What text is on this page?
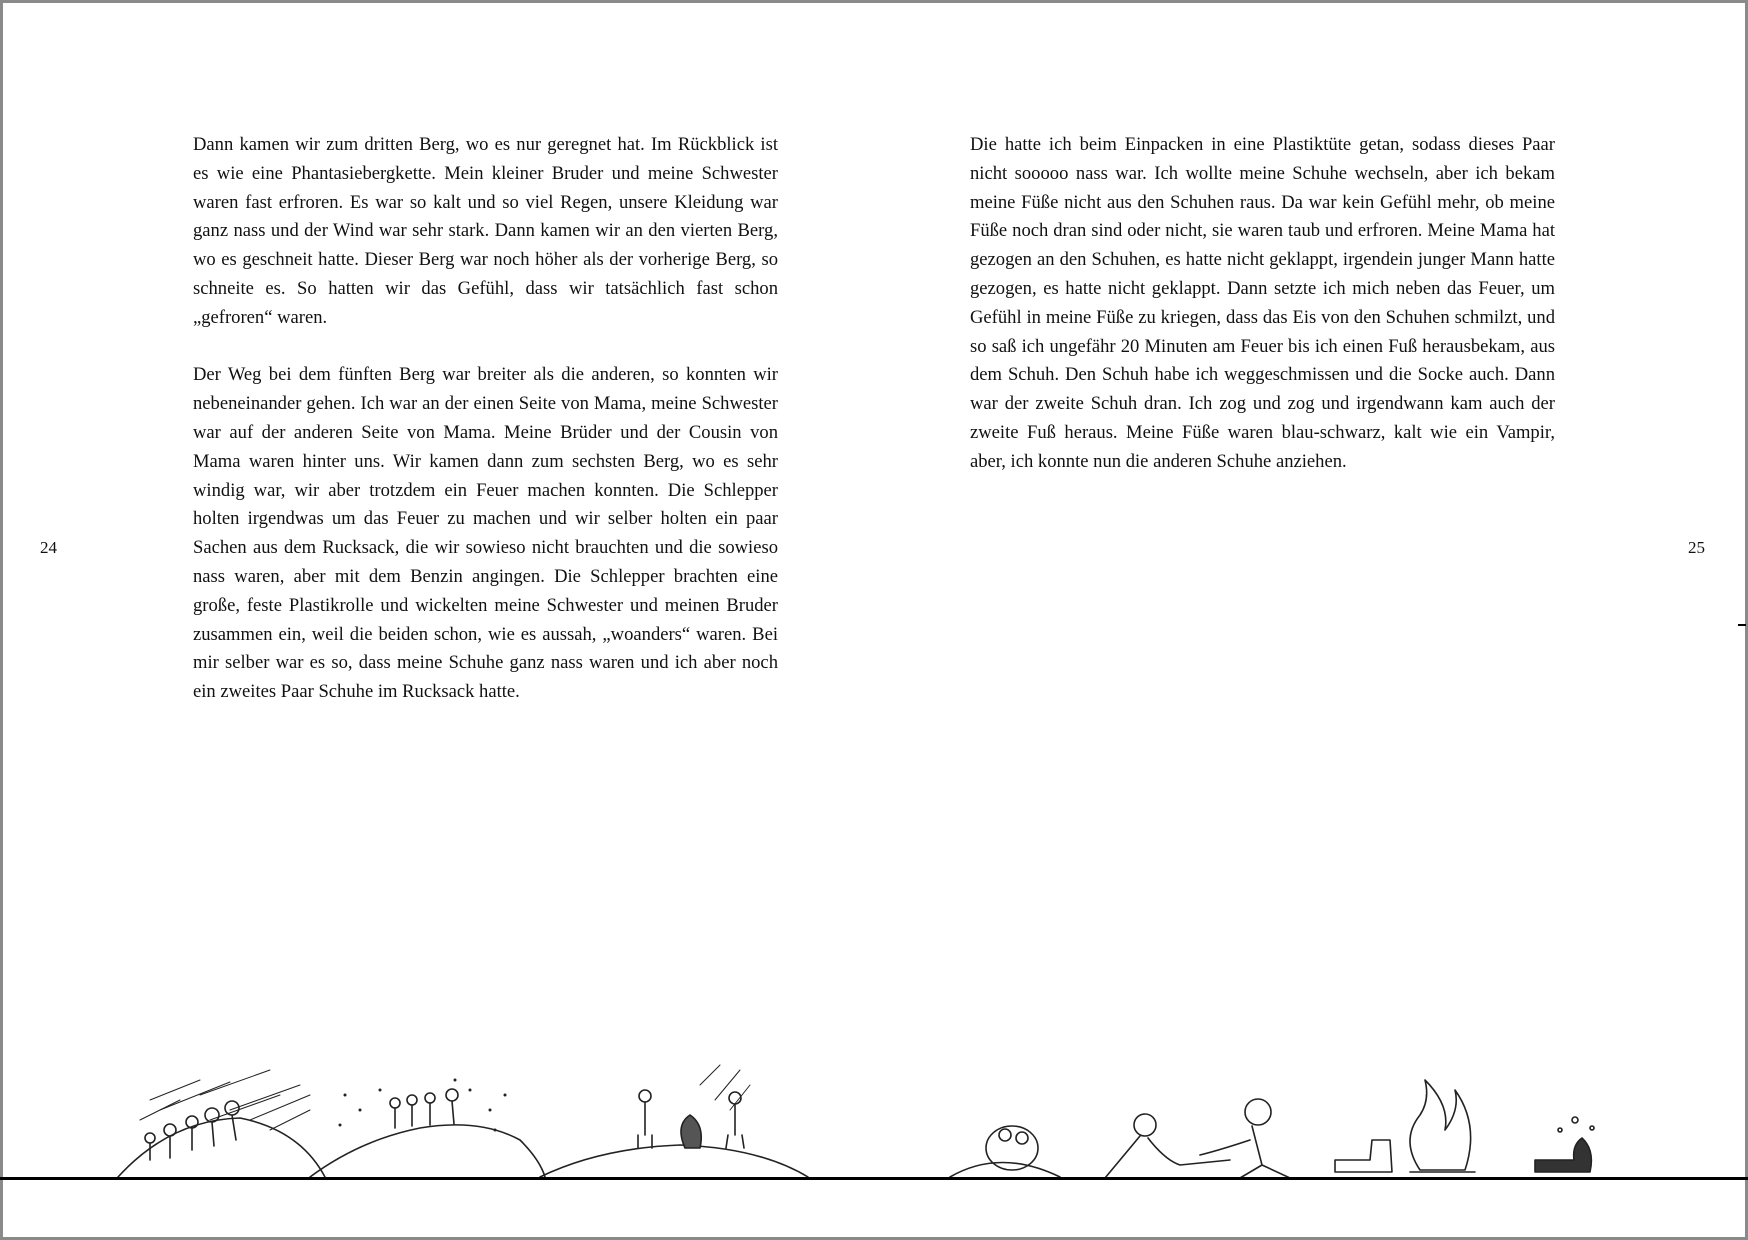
Dann kamen wir zum dritten Berg, wo es nur geregnet hat. Im Rückblick ist es wie eine Phantasiebergkette. Mein kleiner Bruder und meine Schwester waren fast erfroren. Es war so kalt und so viel Regen, unsere Kleidung war ganz nass und der Wind war sehr stark. Dann kamen wir an den vierten Berg, wo es geschneit hatte. Dieser Berg war noch höher als der vorherige Berg, so schneite es. So hatten wir das Gefühl, dass wir tatsächlich fast schon „gefroren“ waren.

Der Weg bei dem fünften Berg war breiter als die anderen, so konnten wir nebeneinander gehen. Ich war an der einen Seite von Mama, meine Schwester war auf der anderen Seite von Mama. Meine Brüder und der Cousin von Mama waren hinter uns. Wir kamen dann zum sechsten Berg, wo es sehr windig war, wir aber trotzdem ein Feuer machen konnten. Die Schlepper holten irgendwas um das Feuer zu machen und wir selber holten ein paar Sachen aus dem Rucksack, die wir sowieso nicht brauchten und die sowieso nass waren, aber mit dem Benzin angingen. Die Schlepper brachten eine große, feste Plastikrolle und wickelten meine Schwester und meinen Bruder zusammen ein, weil die beiden schon, wie es aussah, „woanders“ waren. Bei mir selber war es so, dass meine Schuhe ganz nass waren und ich aber noch ein zweites Paar Schuhe im Rucksack hatte.

Die hatte ich beim Einpacken in eine Plastiktüte getan, sodass dieses Paar nicht sooooo nass war. Ich wollte meine Schuhe wechseln, aber ich bekam meine Füße nicht aus den Schuhen raus. Da war kein Gefühl mehr, ob meine Füße noch dran sind oder nicht, sie waren taub und erfroren. Meine Mama hat gezogen an den Schuhen, es hatte nicht geklappt, irgendein junger Mann hatte gezogen, es hatte nicht geklappt. Dann setzte ich mich neben das Feuer, um Gefühl in meine Füße zu kriegen, dass das Eis von den Schuhen schmilzt, und so saß ich ungefähr 20 Minuten am Feuer bis ich einen Fuß herausbekam, aus dem Schuh. Den Schuh habe ich weggeschmissen und die Socke auch. Dann war der zweite Schuh dran. Ich zog und zog und irgendwann kam auch der zweite Fuß heraus. Meine Füße waren blau-schwarz, kalt wie ein Vampir, aber, ich konnte nun die anderen Schuhe anziehen.

24	25
